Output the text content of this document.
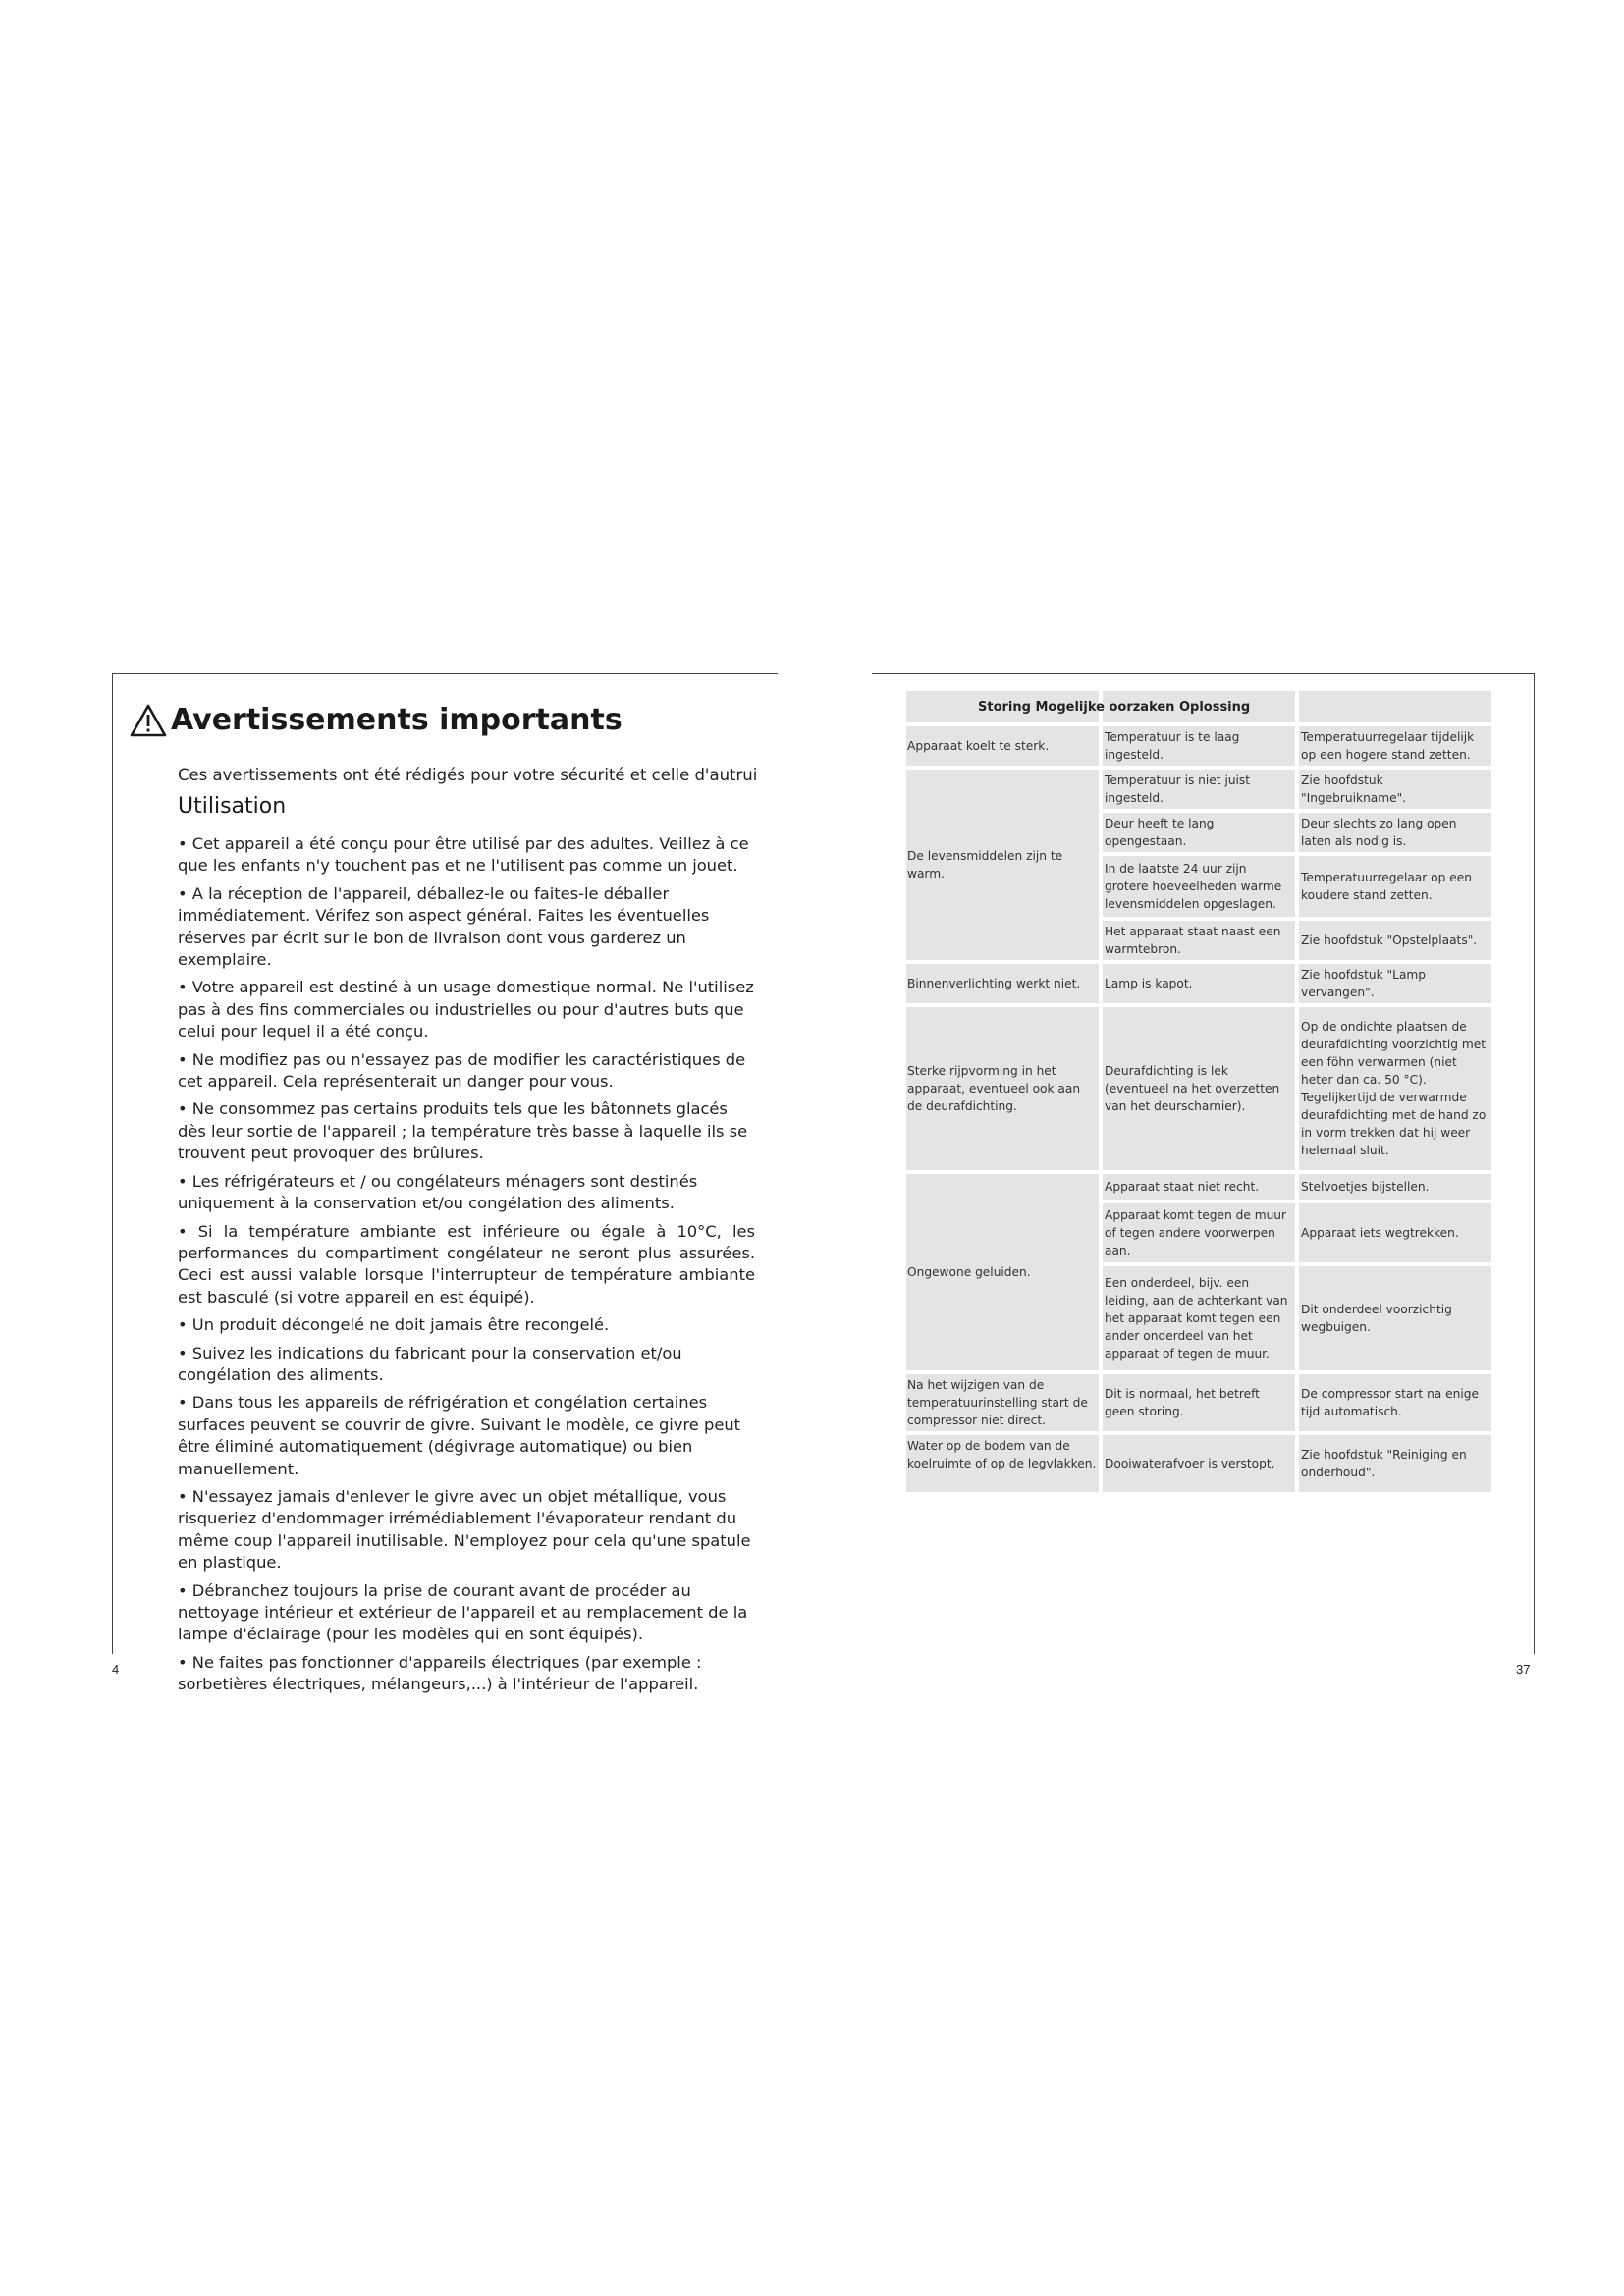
Avertissements importants
Ces avertissements ont été rédigés pour votre sécurité et celle d'autrui
Utilisation

• Cet appareil a été conçu pour être utilisé par des adultes. Veillez à ce que les enfants n'y touchent pas et ne l'utilisent pas comme un jouet.

• A la réception de l'appareil, déballez-le ou faites-le déballer immédiatement. Vérifez son aspect général. Faites les éventuelles réserves par écrit sur le bon de livraison dont vous garderez un exemplaire.

• Votre appareil est destiné à un usage domestique normal. Ne l'utilisez pas à des fins commerciales ou industrielles ou pour d'autres buts que celui pour lequel il a été conçu.

• Ne modifiez pas ou n'essayez pas de modifier les caractéristiques de cet appareil. Cela représenterait un danger pour vous.

• Ne consommez pas certains produits tels que les bâtonnets glacés dès leur sortie de l'appareil ; la température très basse à laquelle ils se trouvent peut provoquer des brûlures.

• Les réfrigérateurs et / ou congélateurs ménagers sont destinés uniquement à la conservation et/ou congélation des aliments.

• Si la température ambiante est inférieure ou égale à 10°C, les performances du compartiment congélateur ne seront plus assurées. Ceci est aussi valable lorsque l'interrupteur de température ambiante est basculé (si votre appareil en est équipé).

• Un produit décongelé ne doit jamais être recongelé.

• Suivez les indications du fabricant pour la conservation et/ou congélation des aliments.

• Dans tous les appareils de réfrigération et congélation certaines surfaces peuvent se couvrir de givre. Suivant le modèle, ce givre peut être éliminé automatiquement (dégivrage automatique) ou bien manuellement.

• N'essayez jamais d'enlever le givre avec un objet métallique, vous risqueriez d'endommager irrémédiablement l'évaporateur rendant du même coup l'appareil inutilisable. N'employez pour cela qu'une spatule en plastique.

• Débranchez toujours la prise de courant avant de procéder au nettoyage intérieur et extérieur de l'appareil et au remplacement de la lampe d'éclairage (pour les modèles qui en sont équipés).

• Ne faites pas fonctionner d'appareils électriques (par exemple : sorbetières électriques, mélangeurs,...) à l'intérieur de l'appareil.

4	37
Storing Mogelijke oorzaken Oplossing
Apparaat koelt te sterk.
Temperatuur is te laag ingesteld.
Temperatuurregelaar tijdelijk op een hogere stand zetten.
De levensmiddelen zijn te warm.
Temperatuur is niet juist ingesteld.
Zie hoofdstuk "Ingebruikname".
Deur heeft te lang opengestaan.
Deur slechts zo lang open laten als nodig is.
In de laatste 24 uur zijn grotere hoeveelheden warme levensmiddelen opgeslagen.
Temperatuurregelaar op een koudere stand zetten.
Het apparaat staat naast een warmtebron.
Zie hoofdstuk "Opstelplaats".
Binnenverlichting werkt niet. Lamp is kapot.
Zie hoofdstuk "Lamp vervangen".
Sterke rijpvorming in het apparaat, eventueel ook aan de deurafdichting.
Deurafdichting is lek (eventueel na het overzetten van het deurscharnier).
Op de ondichte plaatsen de deurafdichting voorzichtig met een föhn verwarmen (niet heter dan ca. 50 °C). Tegelijkertijd de verwarmde deurafdichting met de hand zo in vorm trekken dat hij weer helemaal sluit.
Ongewone geluiden.
Apparaat staat niet recht.	Stelvoetjes bijstellen.
Apparaat komt tegen de muur of tegen andere voorwerpen aan.
Apparaat iets wegtrekken.
Een onderdeel, bijv. een leiding, aan de achterkant van het apparaat komt tegen een ander onderdeel van het apparaat of tegen de muur.
Dit onderdeel voorzichtig wegbuigen.
Na het wijzigen van de temperatuurinstelling start de compressor niet direct.
Dit is normaal, het betreft geen storing.
De compressor start na enige tijd automatisch.
Water op de bodem van de koelruimte of op de legvlakken. Dooiwaterafvoer is verstopt.
Zie hoofdstuk "Reiniging en onderhoud".
